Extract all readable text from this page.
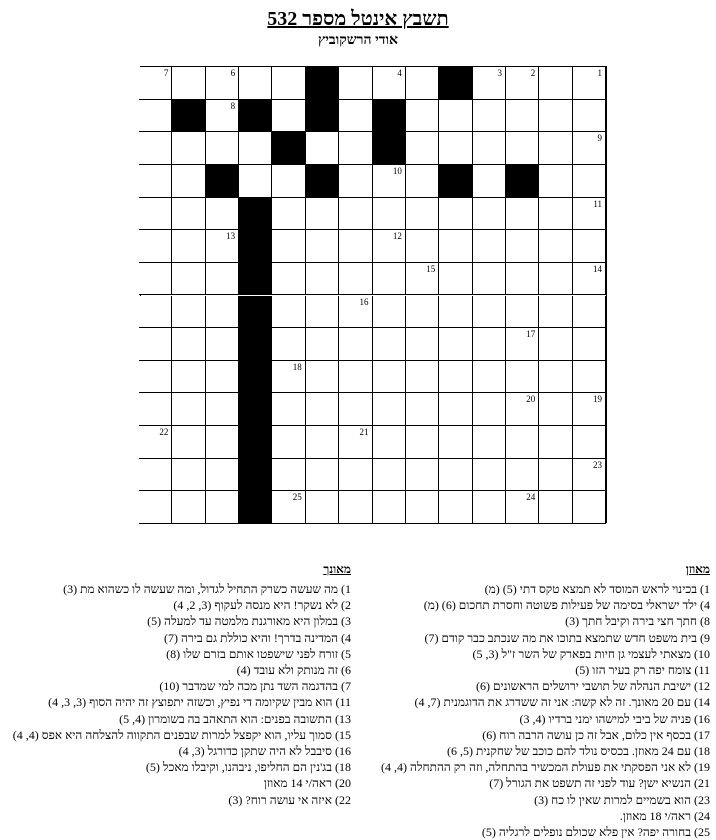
תשבץ אינטל מספר 532
אודי הרשקוביץ
1
2
3
4
6
7
8
9
10
11
12
13
14
15
16
17
18
19
20
21
22
23
24
25
מאוזן
1) בכינוי לראש המוסד לא תמצא טקס דתי (5) (מ)
4) ילד ישראלי בסימה של פעילות פשוטה וחסרת תחכום (6) (מ)
8) חתך חצי בירה וקיבל חתך (3)
9) בית משפט חדש שתמצא בתוכו את מה שנכתב כבר קודם (7)
10) מצאתי לעצמי גן חיות בפארק של השר ז"ל (3, 5)
11) צומח יפה רק בעיר הזו (5)
12) ישיבת הנהלה של תושבי ירושלים הראשונים (6)
14) עם 20 מאונך. זה לא קשה: אני זה ששדרג את הדוגמנית (7, 4)
16) פניה של ביבי למישהו ימני ברדיו (4, 3)
17) בכסף אין כלום, אבל זה כן עושה הרבה רוח (6)
18) עם 24 מאוזן. בכסיס נולד להם כוכב של שחקנית (5, 6)
19) לא אני הפסקתי את פעולת המכשיר בהתחלה, וזה רק ההתחלה (4, 4)
21) הנשיא ישן? עוד לפני זה תשפט את הגורל (7)
23) הוא בשמיים למרות שאין לו כח (3)
24) ראה/י 18 מאוזן.
25) בחורה יפה? אין פלא שכולם נופלים לרגליה (5)
מאונך
1) מה שעשה כשרק התחיל לגדול, ומה שעשה לו כשהוא מת (3)
2) לא נשקר! היא מנסה לעקוף (3, 2, 4)
3) במלון היא מאורגנת מלמטה עד למעלה (5)
4) המדינה בדרך! והיא כוללת גם בירה (7)
5) זורח לפני שישפטו אותם בזרם שלו (8)
6) זה מנותק ולא עובד (4)
7) בהדגמה השד נתן מכה למי שמדבר (10)
11) הוא מבין שקיומה די נפיץ, וכשזה יתפוצץ זה יהיה הסוף (3, 3, 4)
13) התשובה בפנים: הוא התאהב בה בשומרון (4, 5)
15) סמוך עליו, הוא יקפצל למרות שבפנים התקווה להצלחה היא אפס (4, 4)
16) סיבבל לא היה שתקן כדורגל (3, 4)
18) בג'נין הם החליפו, ניבהנו, וקיבלו מאכל (5)
20) ראה/י 14 מאוזן
22) איזה אי עושה רוח? (3)
